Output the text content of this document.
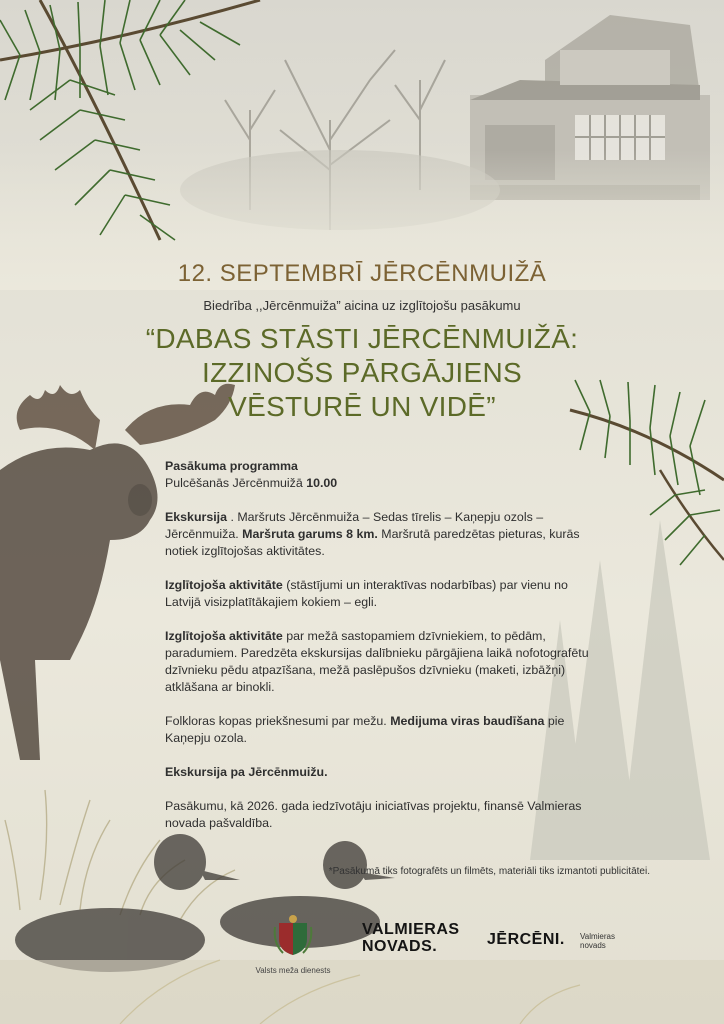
12. SEPTEMBRĪ JĒRCĒNMUIŽĀ
Biedrība ,,Jērcēnmuiža” aicina uz izglītojošu pasākumu
“DABAS STĀSTI JĒRCĒNMUIŽĀ:
IZZINOŠS PĀRGĀJIENS
VĒSTURĒ UN VIDĒ”

Pasākuma programma
Pulcēšanās Jērcēnmuižā 10.00

Ekskursija . Maršruts Jērcēnmuiža – Sedas tīrelis – Kaņepju ozols – Jērcēnmuiža. Maršruta garums 8 km. Maršrutā paredzētas pieturas, kurās notiek izglītojošas aktivitātes.

Izglītojoša aktivitāte (stāstījumi un interaktīvas nodarbības) par vienu no Latvijā visizplatītākajiem kokiem – egli.

Izglītojoša aktivitāte par mežā sastopamiem dzīvniekiem, to pēdām, paradumiem. Paredzēta ekskursijas dalībnieku pārgājiena laikā nofotografētu dzīvnieku pēdu atpazīšana, mežā paslēpušos dzīvnieku (maketi, izbāžņi) atklāšana ar binokli.

Folkloras kopas priekšnesumi par mežu. Medijuma viras baudīšana pie Kaņepju ozola.

Ekskursija pa Jērcēnmuižu.

Pasākumu, kā 2026. gada iedzīvotāju iniciatīvas projektu, finansē Valmieras novada pašvaldība.

*Pasākumā tiks fotografēts un filmēts, materiāli tiks izmantoti publicitātei.
Valsts meža dienests
VALMIERAS
NOVADS.	JĒRCĒNI. Valmieras
novads
